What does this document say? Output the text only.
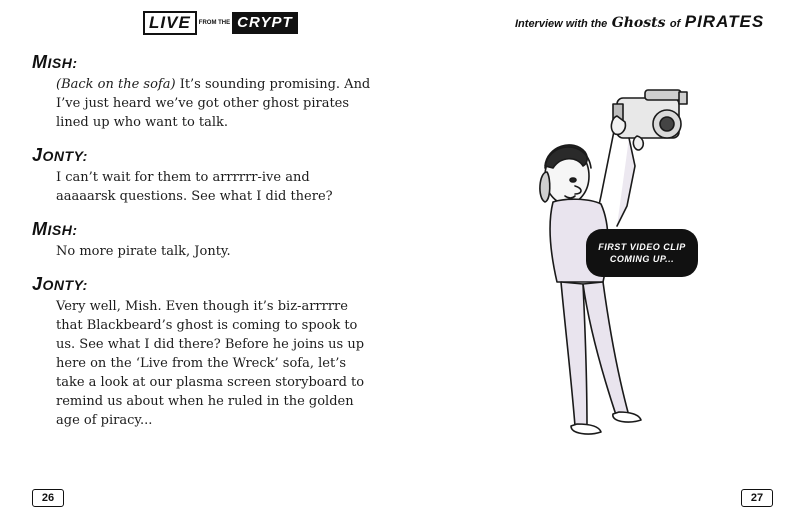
LIVE	FROM THE CRYPT

MISH:

(Back on the sofa) It’s sounding promising. And I’ve just heard we’ve got other ghost pirates lined up who want to talk.

JONTY:

I can’t wait for them to arrrrrr-ive and aaaaarsk questions. See what I did there?

MISH:

No more pirate talk, Jonty.

JONTY:

Very well, Mish. Even though it’s biz-arrrrre that Blackbeard’s ghost is coming to spook to us. See what I did there? Before he joins us up here on the ‘Live from the Wreck’ sofa, let’s take a look at our plasma screen storyboard to remind us about when he ruled in the golden age of piracy...

26
Interview with the Ghosts of PIRATES
FIRST VIDEO CLIP
COMING UP...
27
